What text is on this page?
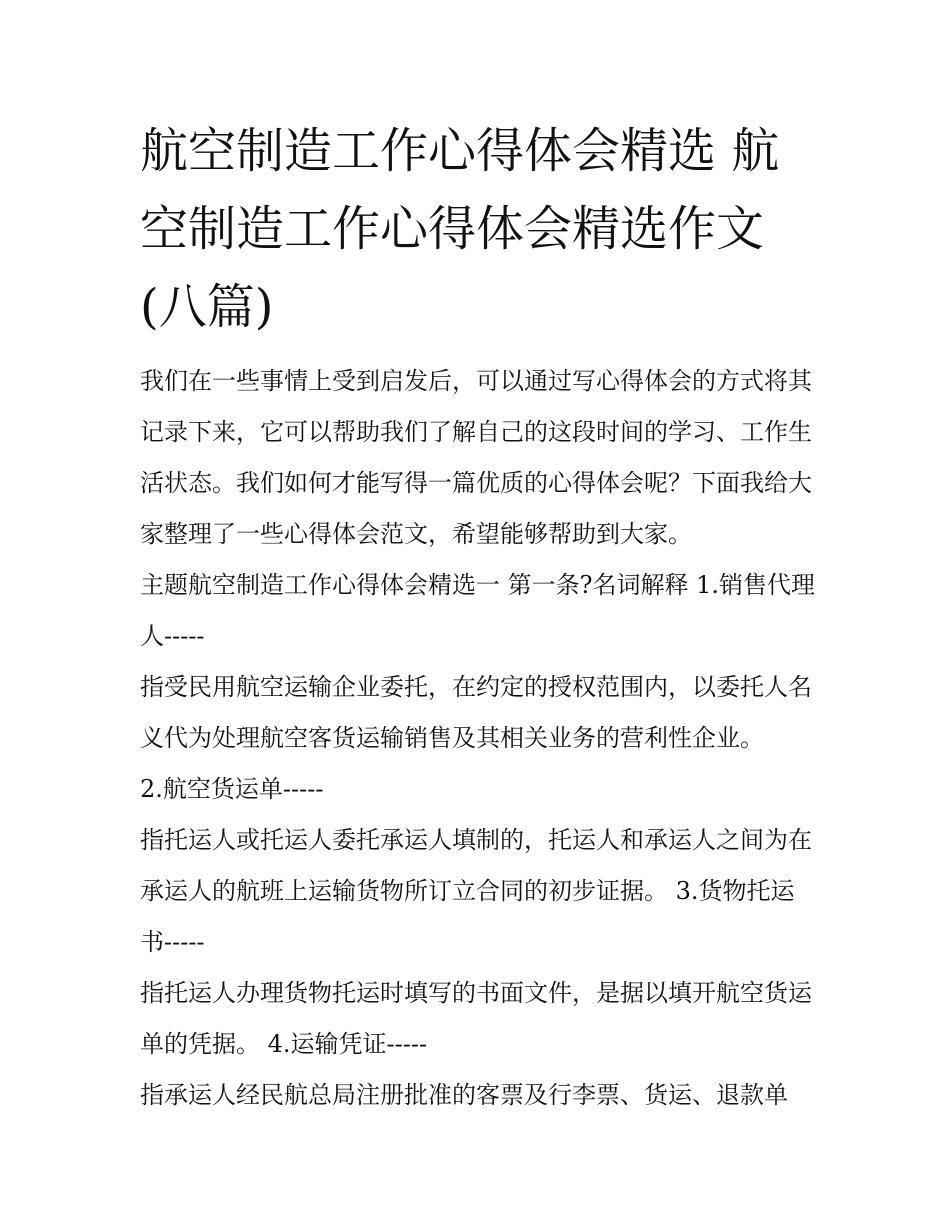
航空制造工作心得体会精选 航空制造工作心得体会精选作文(八篇)

我们在一些事情上受到启发后，可以通过写心得体会的方式将其记录下来，它可以帮助我们了解自己的这段时间的学习、工作生活状态。我们如何才能写得一篇优质的心得体会呢？下面我给大家整理了一些心得体会范文，希望能够帮助到大家。

主题航空制造工作心得体会精选一 第一条?名词解释 1.销售代理人-----

指受民用航空运输企业委托，在约定的授权范围内，以委托人名义代为处理航空客货运输销售及其相关业务的营利性企业。

2.航空货运单-----

指托运人或托运人委托承运人填制的，托运人和承运人之间为在承运人的航班上运输货物所订立合同的初步证据。 3.货物托运书-----

指托运人办理货物托运时填写的书面文件，是据以填开航空货运单的凭据。 4.运输凭证-----

指承运人经民航总局注册批准的客票及行李票、货运、退款单
